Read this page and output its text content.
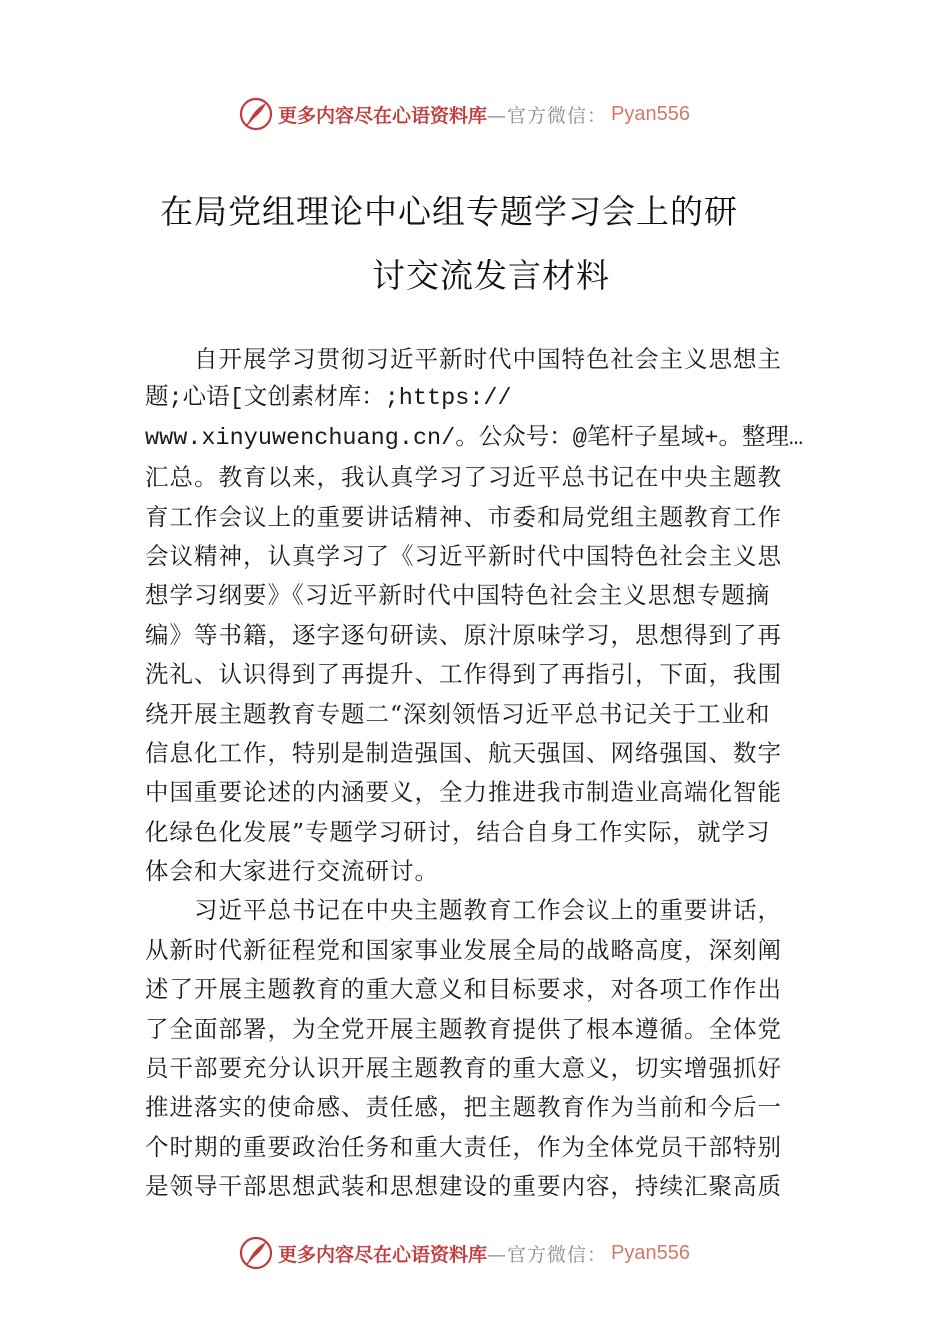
更多内容尽在心语资料库 —官方微信： Pyan556
在局党组理论中心组专题学习会上的研
讨交流发言材料
　　自开展学习贯彻习近平新时代中国特色社会主义思想主
题;心语[文创素材库：;https://
www.xinyuwenchuang.cn/。公众号：@笔杆子星域+。整理…
汇总。教育以来，我认真学习了习近平总书记在中央主题教
育工作会议上的重要讲话精神、市委和局党组主题教育工作
会议精神，认真学习了《习近平新时代中国特色社会主义思
想学习纲要》《习近平新时代中国特色社会主义思想专题摘
编》等书籍，逐字逐句研读、原汁原味学习，思想得到了再
洗礼、认识得到了再提升、工作得到了再指引，下面，我围
绕开展主题教育专题二“深刻领悟习近平总书记关于工业和
信息化工作，特别是制造强国、航天强国、网络强国、数字
中国重要论述的内涵要义，全力推进我市制造业高端化智能
化绿色化发展”专题学习研讨，结合自身工作实际，就学习
体会和大家进行交流研讨。
　　习近平总书记在中央主题教育工作会议上的重要讲话，
从新时代新征程党和国家事业发展全局的战略高度，深刻阐
述了开展主题教育的重大意义和目标要求，对各项工作作出
了全面部署，为全党开展主题教育提供了根本遵循。全体党
员干部要充分认识开展主题教育的重大意义，切实增强抓好
推进落实的使命感、责任感，把主题教育作为当前和今后一
个时期的重要政治任务和重大责任，作为全体党员干部特别
是领导干部思想武装和思想建设的重要内容，持续汇聚高质
更多内容尽在心语资料库 —官方微信： Pyan556
